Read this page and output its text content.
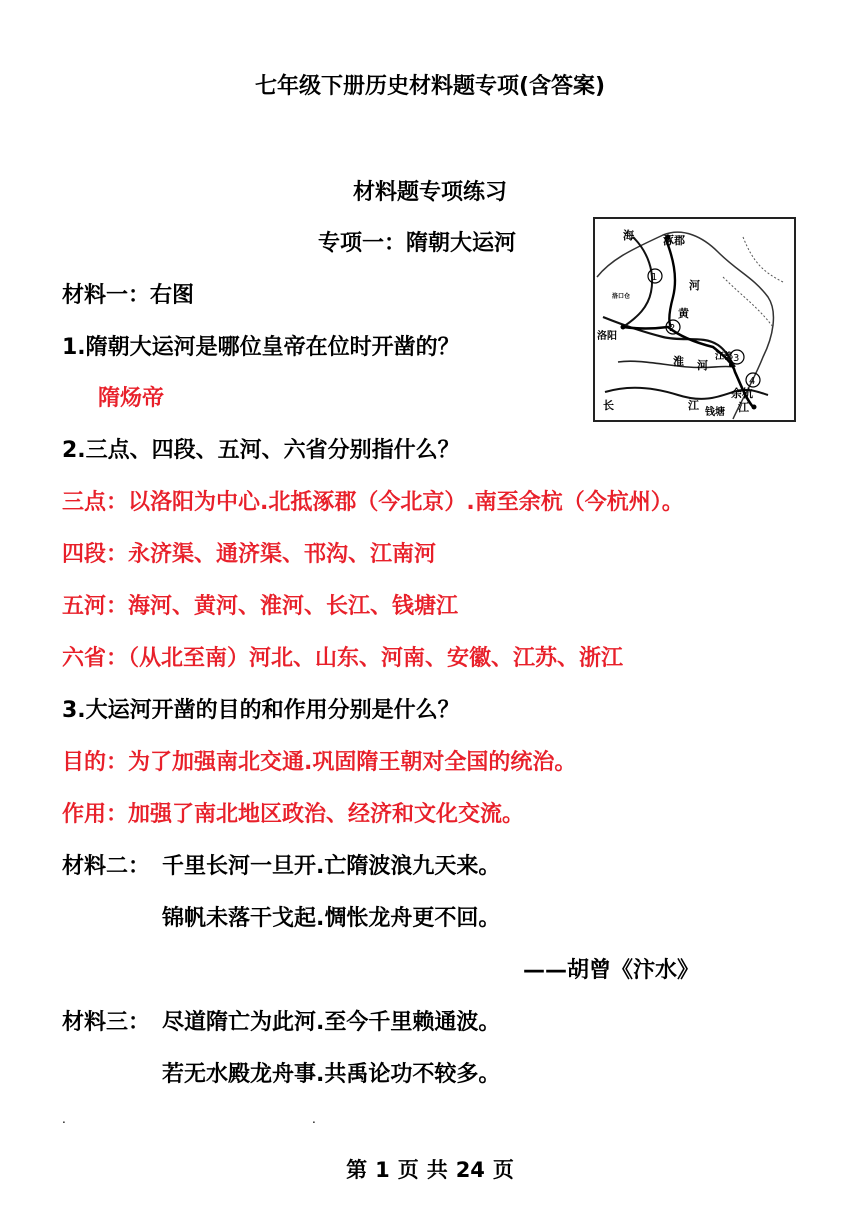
七年级下册历史材料题专项(含答案)
材料题专项练习
专项一：隋朝大运河	海	涿郡
河
黄
洛口仓
洛阳
淮 河
江都
余杭
长	江
钱塘 江
1
2
3
4
材料一：右图
1.隋朝大运河是哪位皇帝在位时开凿的？
隋炀帝
2.三点、四段、五河、六省分别指什么？
三点：以洛阳为中心.北抵涿郡（今北京）.南至余杭（今杭州）。
四段：永济渠、通济渠、邗沟、江南河
五河：海河、黄河、淮河、长江、钱塘江
六省：（从北至南）河北、山东、河南、安徽、江苏、浙江
3.大运河开凿的目的和作用分别是什么？
目的：为了加强南北交通.巩固隋王朝对全国的统治。
作用：加强了南北地区政治、经济和文化交流。
材料二： 千里长河一旦开.亡隋波浪九天来。
锦帆未落干戈起.惆怅龙舟更不回。
——胡曾《汴水》
材料三： 尽道隋亡为此河.至今千里赖通波。
若无水殿龙舟事.共禹论功不较多。
.	.
第 1 页 共 24 页
